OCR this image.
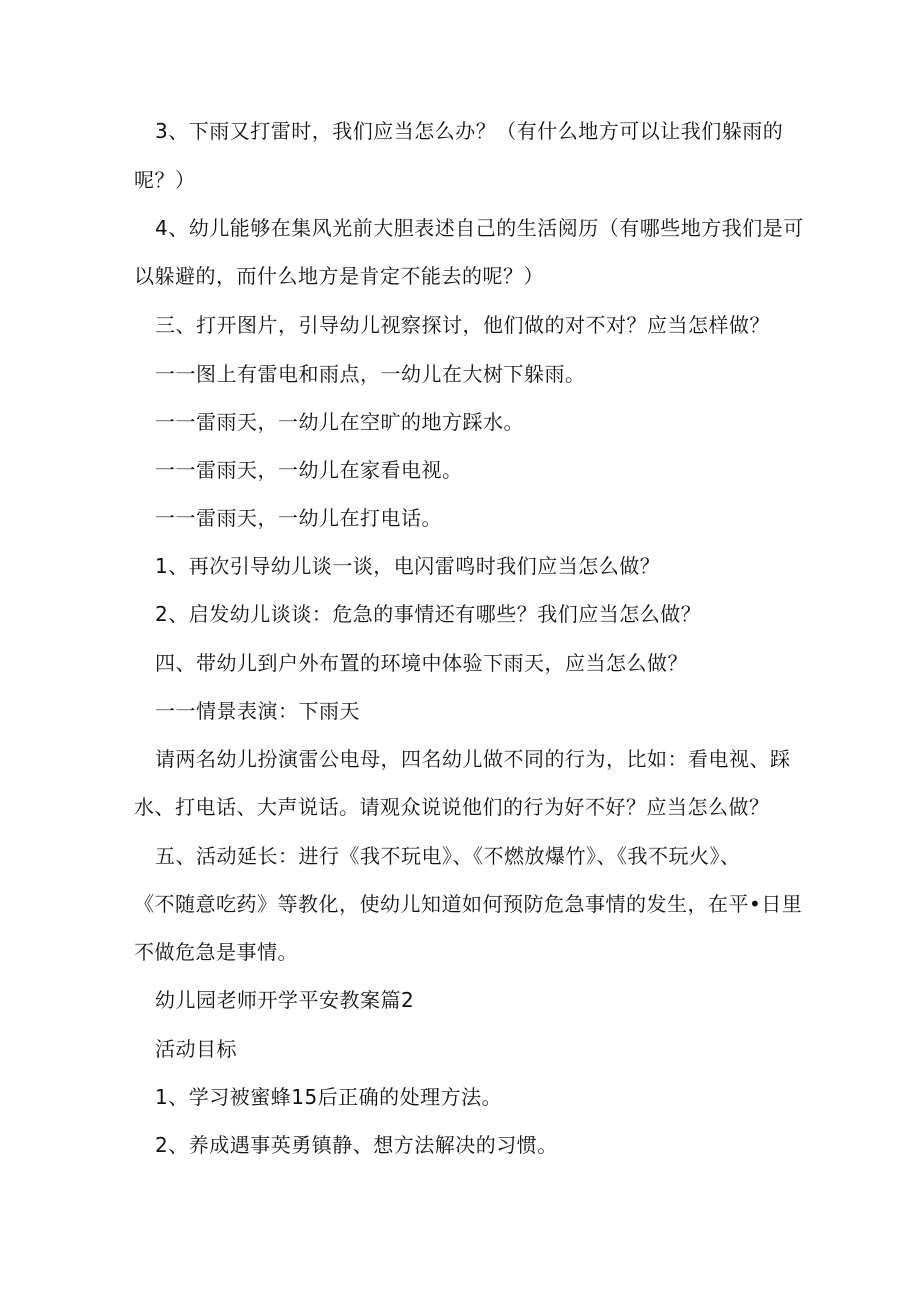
3、下雨又打雷时，我们应当怎么办？（有什么地方可以让我们躲雨的
呢？）
4、幼儿能够在集风光前大胆表述自己的生活阅历（有哪些地方我们是可
以躲避的，而什么地方是肯定不能去的呢？）
三、打开图片，引导幼儿视察探讨，他们做的对不对？应当怎样做？
一一图上有雷电和雨点，一幼儿在大树下躲雨。
一一雷雨天，一幼儿在空旷的地方踩水。
一一雷雨天，一幼儿在家看电视。
一一雷雨天，一幼儿在打电话。
1、再次引导幼儿谈一谈，电闪雷鸣时我们应当怎么做？
2、启发幼儿谈谈：危急的事情还有哪些？我们应当怎么做？
四、带幼儿到户外布置的环境中体验下雨天，应当怎么做？
一一情景表演：下雨天
请两名幼儿扮演雷公电母，四名幼儿做不同的行为，比如：看电视、踩
水、打电话、大声说话。请观众说说他们的行为好不好？应当怎么做？
五、活动延长：进行《我不玩电》、《不燃放爆竹》、《我不玩火》、
《不随意吃药》等教化，使幼儿知道如何预防危急事情的发生，在平•日里
不做危急是事情。
幼儿园老师开学平安教案篇2
活动目标
1、学习被蜜蜂15后正确的处理方法。
2、养成遇事英勇镇静、想方法解决的习惯。
